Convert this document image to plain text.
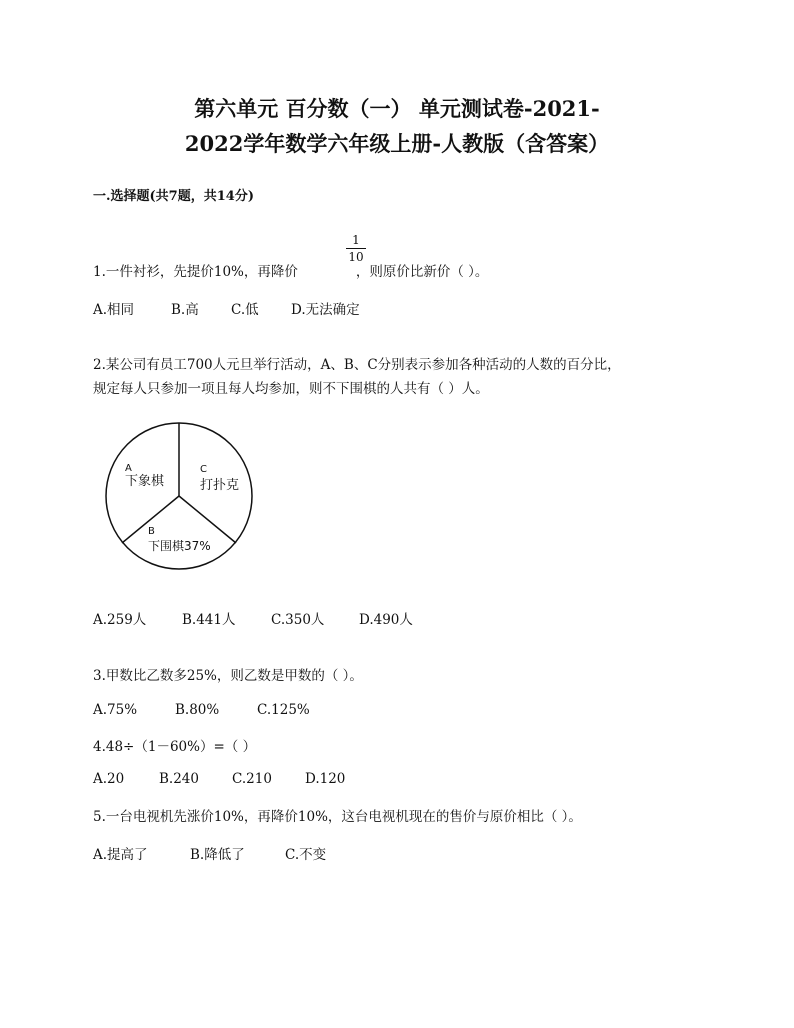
第六单元 百分数（一） 单元测试卷-2021-
2022学年数学六年级上册-人教版（含答案）
一.选择题(共7题，共14分)
1.一件衬衫，先提价10%，再降价	，则原价比新价（ ）。
1
10
A.相同	B.高 C.低 D.无法确定
2.某公司有员工700人元旦举行活动，A、B、C分别表示参加各种活动的人数的百分比，
规定每人只参加一项且每人均参加，则不下围棋的人共有（ ）人。
A
下象棋
C
打扑克
B
下围棋37%
A.259人	B.441人	C.350人	D.490人
3.甲数比乙数多25%，则乙数是甲数的（ ）。
A.75%	B.80%	C.125%
4.48÷（1－60%）=（ ）
A.20	B.240 C.210 D.120
5.一台电视机先涨价10%，再降价10%，这台电视机现在的售价与原价相比（ ）。
A.提高了	B.降低了	C.不变
